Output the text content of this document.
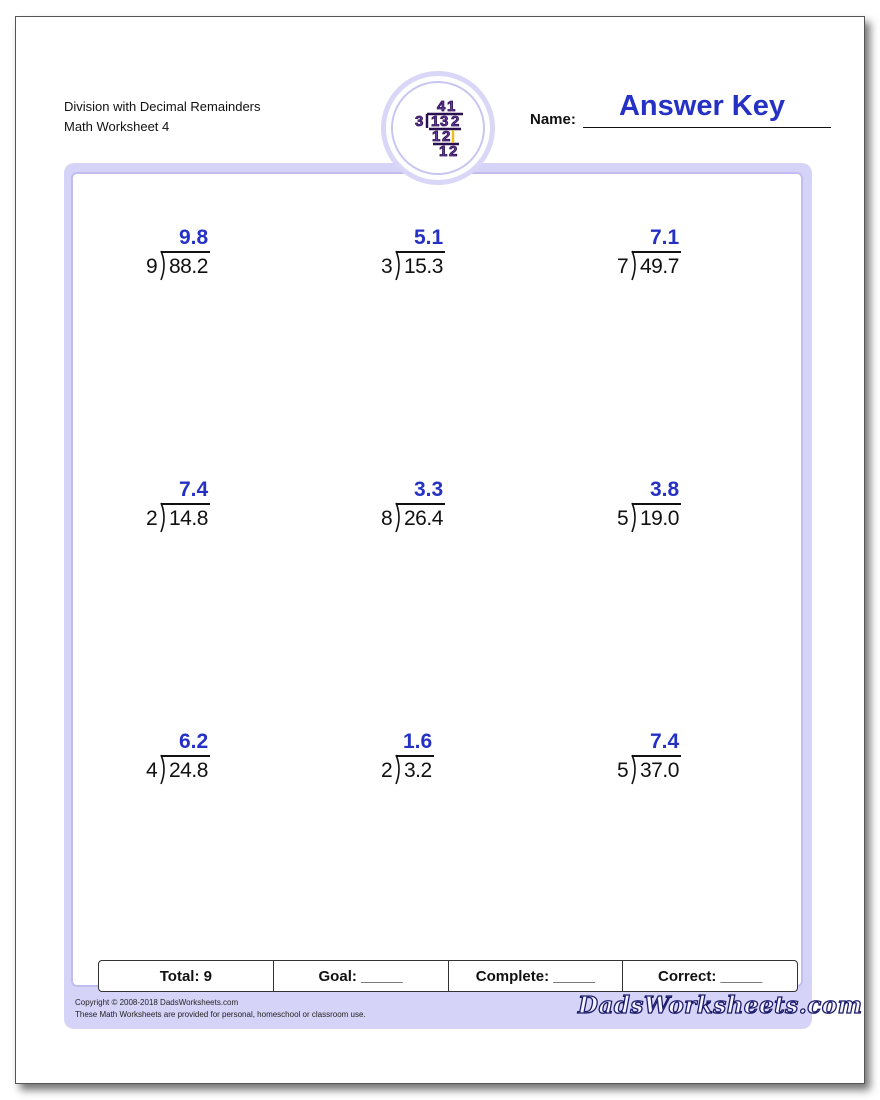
Division with Decimal Remainders
Math Worksheet 4
4 1
3 1 3 2
1 2
1 2
Name:	Answer Key
9 88.2
9.8
3 15.3
5.1
7 49.7
7.1
2 14.8
7.4
8 26.4
3.3
5 19.0
3.8
4 24.8
6.2
2 3.2
1.6
5 37.0
7.4
Total: 9	Goal: _____	Complete: _____	Correct: _____
Copyright © 2008-2018 DadsWorksheets.com
These Math Worksheets are provided for personal, homeschool or classroom use.	DadsWorksheets.com
